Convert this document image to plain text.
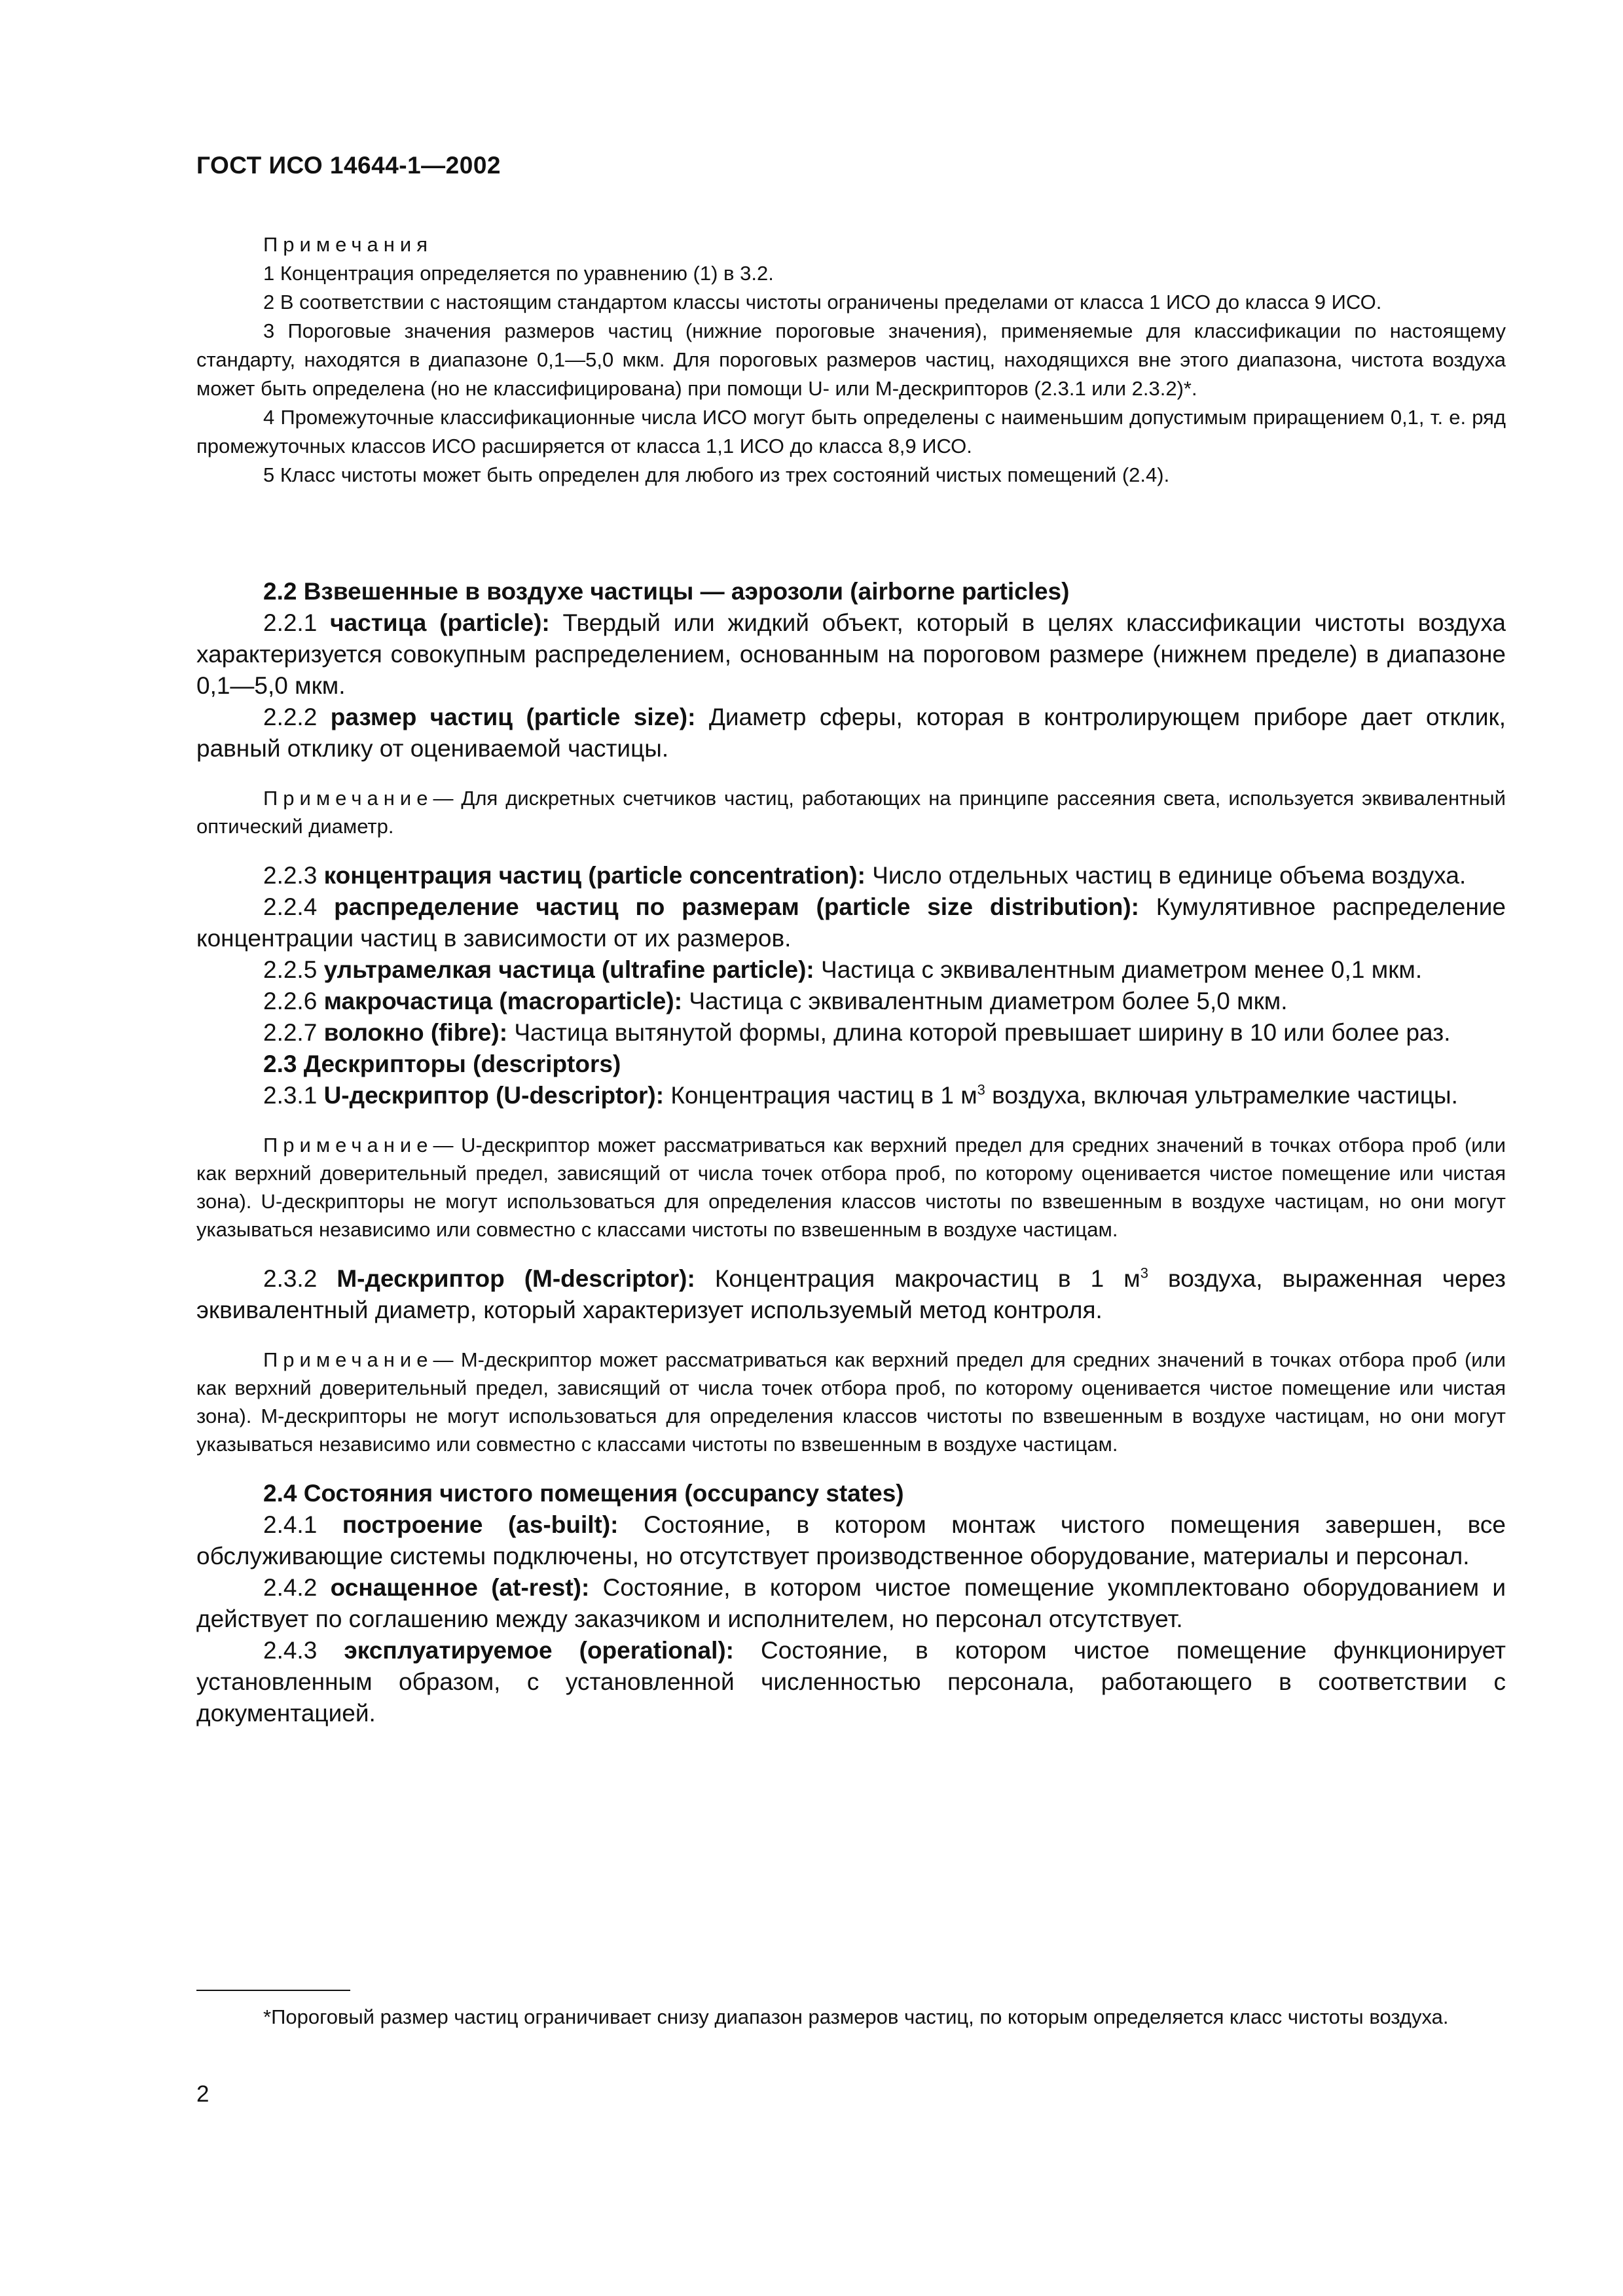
ГОСТ ИСО 14644-1—2002

Примечания

1 Концентрация определяется по уравнению (1) в 3.2.

2 В соответствии с настоящим стандартом классы чистоты ограничены пределами от класса 1 ИСО до класса 9 ИСО.

3 Пороговые значения размеров частиц (нижние пороговые значения), применяемые для классификации по настоящему стандарту, находятся в диапазоне 0,1—5,0 мкм. Для пороговых размеров частиц, находящихся вне этого диапазона, чистота воздуха может быть определена (но не классифицирована) при помощи U- или M-дескрипторов (2.3.1 или 2.3.2)*.

4 Промежуточные классификационные числа ИСО могут быть определены с наименьшим допустимым приращением 0,1, т. е. ряд промежуточных классов ИСО расширяется от класса 1,1 ИСО до класса 8,9 ИСО.

5 Класс чистоты может быть определен для любого из трех состояний чистых помещений (2.4).

2.2 Взвешенные в воздухе частицы — аэрозоли (airborne particles)

2.2.1 частица (particle): Твердый или жидкий объект, который в целях классификации чистоты воздуха характеризуется совокупным распределением, основанным на пороговом размере (нижнем пределе) в диапазоне 0,1—5,0 мкм.

2.2.2 размер частиц (particle size): Диаметр сферы, которая в контролирующем приборе дает отклик, равный отклику от оцениваемой частицы.

Примечание— Для дискретных счетчиков частиц, работающих на принципе рассеяния света, используется эквивалентный оптический диаметр.

2.2.3 концентрация частиц (particle concentration): Число отдельных частиц в единице объема воздуха.

2.2.4 распределение частиц по размерам (particle size distribution): Кумулятивное распределение концентрации частиц в зависимости от их размеров.

2.2.5 ультрамелкая частица (ultrafine particle): Частица с эквивалентным диаметром менее 0,1 мкм.

2.2.6 макрочастица (macroparticle): Частица с эквивалентным диаметром более 5,0 мкм.

2.2.7 волокно (fibre): Частица вытянутой формы, длина которой превышает ширину в 10 или более раз.

2.3 Дескрипторы (descriptors)

2.3.1 U-дескриптор (U-descriptor): Концентрация частиц в 1 $м^3$ воздуха, включая ультрамелкие частицы.

Примечание— U-дескриптор может рассматриваться как верхний предел для средних значений в точках отбора проб (или как верхний доверительный предел, зависящий от числа точек отбора проб, по которому оценивается чистое помещение или чистая зона). U-дескрипторы не могут использоваться для определения классов чистоты по взвешенным в воздухе частицам, но они могут указываться независимо или совместно с классами чистоты по взвешенным в воздухе частицам.

2.3.2 M-дескриптор (M-descriptor): Концентрация макрочастиц в 1 $м^3$ воздуха, выраженная через эквивалентный диаметр, который характеризует используемый метод контроля.

Примечание— M-дескриптор может рассматриваться как верхний предел для средних значений в точках отбора проб (или как верхний доверительный предел, зависящий от числа точек отбора проб, по которому оценивается чистое помещение или чистая зона). M-дескрипторы не могут использоваться для определения классов чистоты по взвешенным в воздухе частицам, но они могут указываться независимо или совместно с классами чистоты по взвешенным в воздухе частицам.

2.4 Состояния чистого помещения (occupancy states)

2.4.1 построение (as-built): Состояние, в котором монтаж чистого помещения завершен, все обслуживающие системы подключены, но отсутствует производственное оборудование, материалы и персонал.

2.4.2 оснащенное (at-rest): Состояние, в котором чистое помещение укомплектовано оборудованием и действует по соглашению между заказчиком и исполнителем, но персонал отсутствует.

2.4.3 эксплуатируемое (operational): Состояние, в котором чистое помещение функционирует установленным образом, с установленной численностью персонала, работающего в соответствии с документацией.

*Пороговый размер частиц ограничивает снизу диапазон размеров частиц, по которым определяется класс чистоты воздуха.
2
